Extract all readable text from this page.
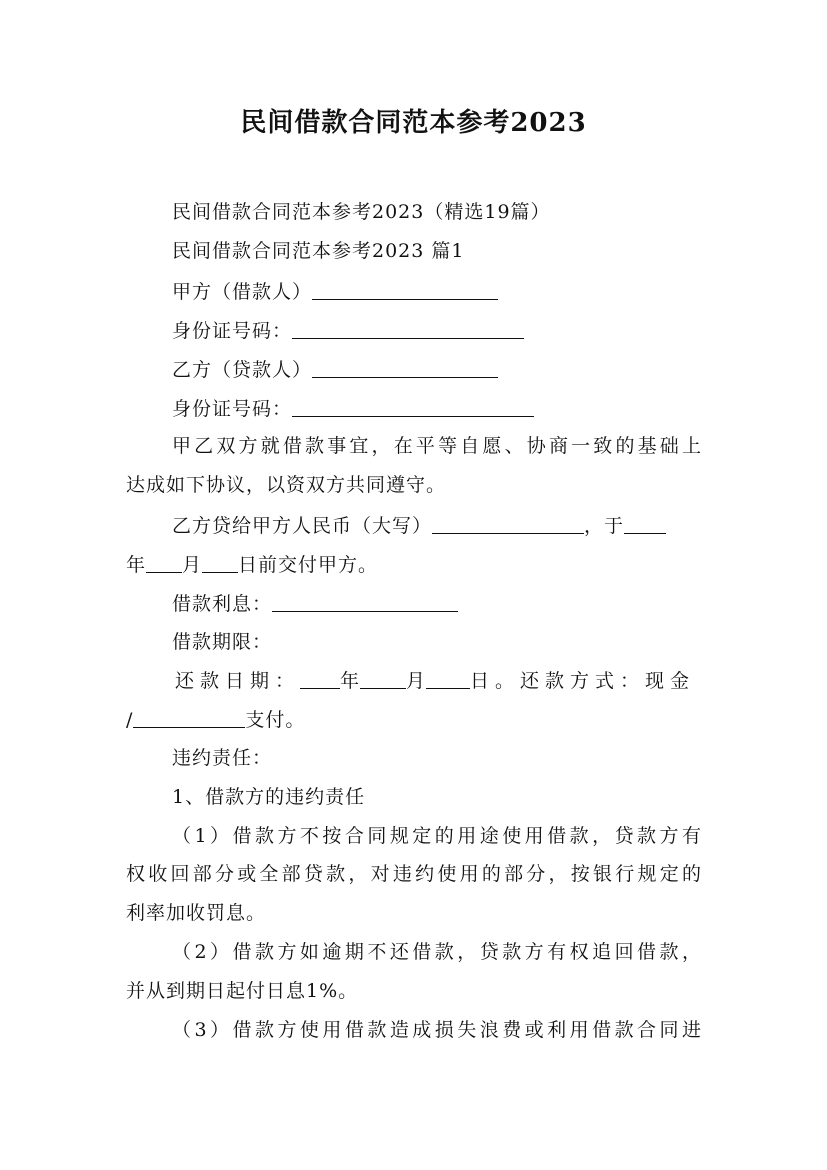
民间借款合同范本参考2023
民间借款合同范本参考2023（精选19篇）
民间借款合同范本参考2023 篇1
甲方（借款人）
身份证号码：
乙方（贷款人）
身份证号码：
甲乙双方就借款事宜，在平等自愿、协商一致的基础上
达成如下协议，以资双方共同遵守。
乙方贷给甲方人民币（大写）	，于
年 月 日前交付甲方。
借款利息：
借款期限：
还款日期： 年 月 日。还款方式：现金
/	支付。
违约责任：
1、借款方的违约责任
（1）借款方不按合同规定的用途使用借款，贷款方有
权收回部分或全部贷款，对违约使用的部分，按银行规定的
利率加收罚息。
（2）借款方如逾期不还借款，贷款方有权追回借款，
并从到期日起付日息1%。
（3）借款方使用借款造成损失浪费或利用借款合同进
